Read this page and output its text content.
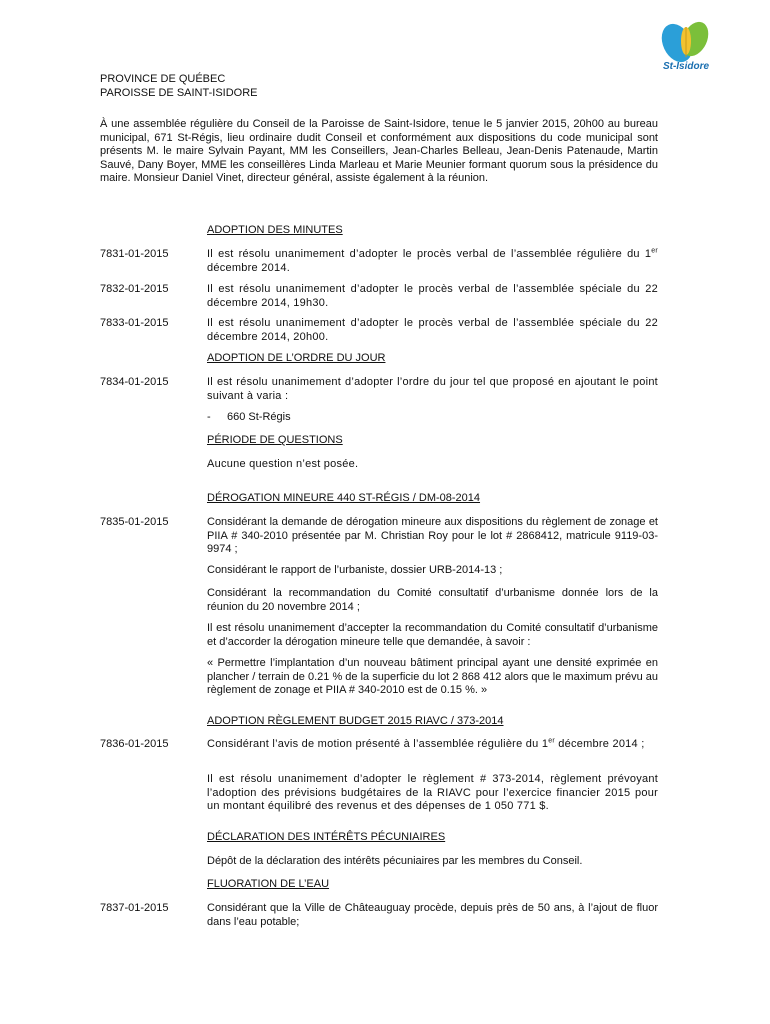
St-Isidore
PROVINCE DE QUÉBEC
PAROISSE DE SAINT-ISIDORE
À une assemblée régulière du Conseil de la Paroisse de Saint-Isidore, tenue le 5 janvier 2015, 20h00 au bureau municipal, 671 St-Régis, lieu ordinaire dudit Conseil et conformément aux dispositions du code municipal sont présents M. le maire Sylvain Payant, MM les Conseillers, Jean-Charles Belleau, Jean-Denis Patenaude, Martin Sauvé, Dany Boyer, MME les conseillères Linda Marleau et Marie Meunier formant quorum sous la présidence du maire. Monsieur Daniel Vinet, directeur général, assiste également à la réunion.
ADOPTION DES MINUTES
7831-01-2015	Il est résolu unanimement d’adopter le procès verbal de l’assemblée régulière du 1er décembre 2014.
7832-01-2015	Il est résolu unanimement d’adopter le procès verbal de l’assemblée spéciale du 22 décembre 2014, 19h30.
7833-01-2015	Il est résolu unanimement d’adopter le procès verbal de l’assemblée spéciale du 22 décembre 2014, 20h00.
ADOPTION DE L’ORDRE DU JOUR
7834-01-2015	Il est résolu unanimement d’adopter l’ordre du jour tel que proposé en ajoutant le point suivant à varia :
- 660 St-Régis
PÉRIODE DE QUESTIONS
Aucune question n’est posée.
DÉROGATION MINEURE 440 ST-RÉGIS / DM-08-2014
7835-01-2015	Considérant la demande de dérogation mineure aux dispositions du règlement de zonage et PIIA # 340-2010 présentée par M. Christian Roy pour le lot # 2868412, matricule 9119-03-9974 ;
Considérant le rapport de l’urbaniste, dossier URB-2014-13 ;
Considérant la recommandation du Comité consultatif d’urbanisme donnée lors de la réunion du 20 novembre 2014 ;
Il est résolu unanimement d’accepter la recommandation du Comité consultatif d’urbanisme et d’accorder la dérogation mineure telle que demandée, à savoir :
« Permettre l’implantation d’un nouveau bâtiment principal ayant une densité exprimée en plancher / terrain de 0.21 % de la superficie du lot 2 868 412 alors que le maximum prévu au règlement de zonage et PIIA # 340-2010 est de 0.15 %. »
ADOPTION RÈGLEMENT BUDGET 2015 RIAVC / 373-2014
7836-01-2015	Considérant l’avis de motion présenté à l’assemblée régulière du 1er décembre 2014 ;
Il est résolu unanimement d’adopter le règlement # 373-2014, règlement prévoyant l’adoption des prévisions budgétaires de la RIAVC pour l’exercice financier 2015 pour un montant équilibré des revenus et des dépenses de 1 050 771 $.
DÉCLARATION DES INTÉRÊTS PÉCUNIAIRES
Dépôt de la déclaration des intérêts pécuniaires par les membres du Conseil.
FLUORATION DE L’EAU
7837-01-2015	Considérant que la Ville de Châteauguay procède, depuis près de 50 ans, à l’ajout de fluor dans l’eau potable;
